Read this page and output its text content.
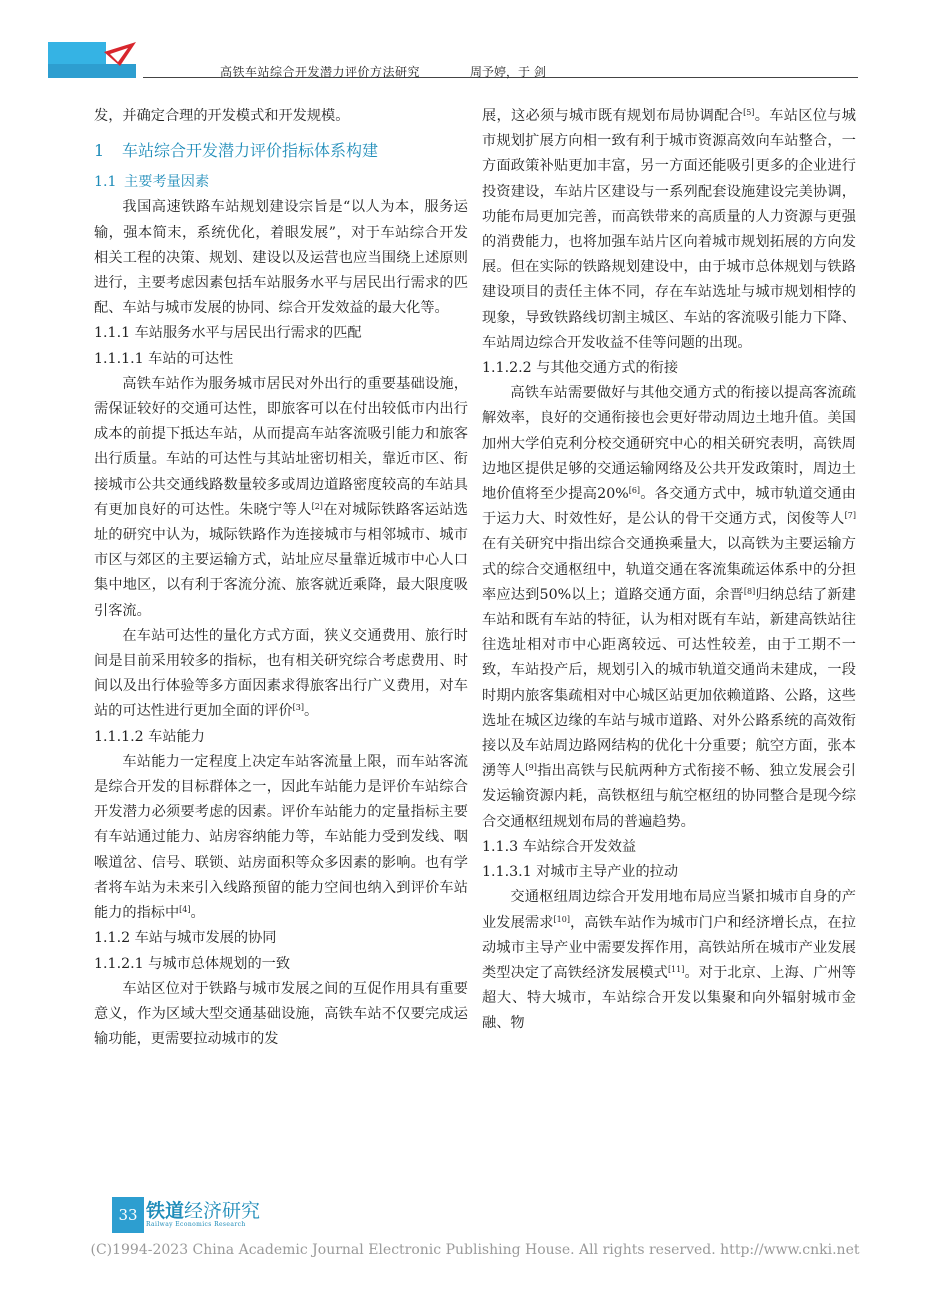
高铁车站综合开发潜力评价方法研究	周予婷，于 剑

发，并确定合理的开发模式和开发规模。

1 车站综合开发潜力评价指标体系构建
1.1 主要考量因素

我国高速铁路车站规划建设宗旨是“以人为本，服务运输，强本简末，系统优化，着眼发展”，对于车站综合开发相关工程的决策、规划、建设以及运营也应当围绕上述原则进行，主要考虑因素包括车站服务水平与居民出行需求的匹配、车站与城市发展的协同、综合开发效益的最大化等。

1.1.1 车站服务水平与居民出行需求的匹配
1.1.1.1 车站的可达性

高铁车站作为服务城市居民对外出行的重要基础设施，需保证较好的交通可达性，即旅客可以在付出较低市内出行成本的前提下抵达车站，从而提高车站客流吸引能力和旅客出行质量。车站的可达性与其站址密切相关，靠近市区、衔接城市公共交通线路数量较多或周边道路密度较高的车站具有更加良好的可达性。朱晓宁等人[2]在对城际铁路客运站选址的研究中认为，城际铁路作为连接城市与相邻城市、城市市区与郊区的主要运输方式，站址应尽量靠近城市中心人口集中地区，以有利于客流分流、旅客就近乘降，最大限度吸引客流。

在车站可达性的量化方式方面，狭义交通费用、旅行时间是目前采用较多的指标，也有相关研究综合考虑费用、时间以及出行体验等多方面因素求得旅客出行广义费用，对车站的可达性进行更加全面的评价[3]。

1.1.1.2 车站能力

车站能力一定程度上决定车站客流量上限，而车站客流是综合开发的目标群体之一，因此车站能力是评价车站综合开发潜力必须要考虑的因素。评价车站能力的定量指标主要有车站通过能力、站房容纳能力等，车站能力受到发线、咽喉道岔、信号、联锁、站房面积等众多因素的影响。也有学者将车站为未来引入线路预留的能力空间也纳入到评价车站能力的指标中[4]。

1.1.2 车站与城市发展的协同
1.1.2.1 与城市总体规划的一致

车站区位对于铁路与城市发展之间的互促作用具有重要意义，作为区域大型交通基础设施，高铁车站不仅要完成运输功能，更需要拉动城市的发

展，这必须与城市既有规划布局协调配合[5]。车站区位与城市规划扩展方向相一致有利于城市资源高效向车站整合，一方面政策补贴更加丰富，另一方面还能吸引更多的企业进行投资建设，车站片区建设与一系列配套设施建设完美协调，功能布局更加完善，而高铁带来的高质量的人力资源与更强的消费能力，也将加强车站片区向着城市规划拓展的方向发展。但在实际的铁路规划建设中，由于城市总体规划与铁路建设项目的责任主体不同，存在车站选址与城市规划相悖的现象，导致铁路线切割主城区、车站的客流吸引能力下降、车站周边综合开发收益不佳等问题的出现。

1.1.2.2 与其他交通方式的衔接

高铁车站需要做好与其他交通方式的衔接以提高客流疏解效率，良好的交通衔接也会更好带动周边土地升值。美国加州大学伯克利分校交通研究中心的相关研究表明，高铁周边地区提供足够的交通运输网络及公共开发政策时，周边土地价值将至少提高20%[6]。各交通方式中，城市轨道交通由于运力大、时效性好，是公认的骨干交通方式，闵俊等人[7]在有关研究中指出综合交通换乘量大，以高铁为主要运输方式的综合交通枢纽中，轨道交通在客流集疏运体系中的分担率应达到50%以上；道路交通方面，余晋[8]归纳总结了新建车站和既有车站的特征，认为相对既有车站，新建高铁站往往选址相对市中心距离较远、可达性较差，由于工期不一致，车站投产后，规划引入的城市轨道交通尚未建成，一段时期内旅客集疏相对中心城区站更加依赖道路、公路，这些选址在城区边缘的车站与城市道路、对外公路系统的高效衔接以及车站周边路网结构的优化十分重要；航空方面，张本湧等人[9]指出高铁与民航两种方式衔接不畅、独立发展会引发运输资源内耗，高铁枢纽与航空枢纽的协同整合是现今综合交通枢纽规划布局的普遍趋势。

1.1.3 车站综合开发效益
1.1.3.1 对城市主导产业的拉动

交通枢纽周边综合开发用地布局应当紧扣城市自身的产业发展需求[10]，高铁车站作为城市门户和经济增长点，在拉动城市主导产业中需要发挥作用，高铁站所在城市产业发展类型决定了高铁经济发展模式[11]。对于北京、上海、广州等超大、特大城市，车站综合开发以集聚和向外辐射城市金融、物

33 铁道经济研究
Railway Economics Research
(C)1994-2023 China Academic Journal Electronic Publishing House. All rights reserved. http://www.cnki.net
